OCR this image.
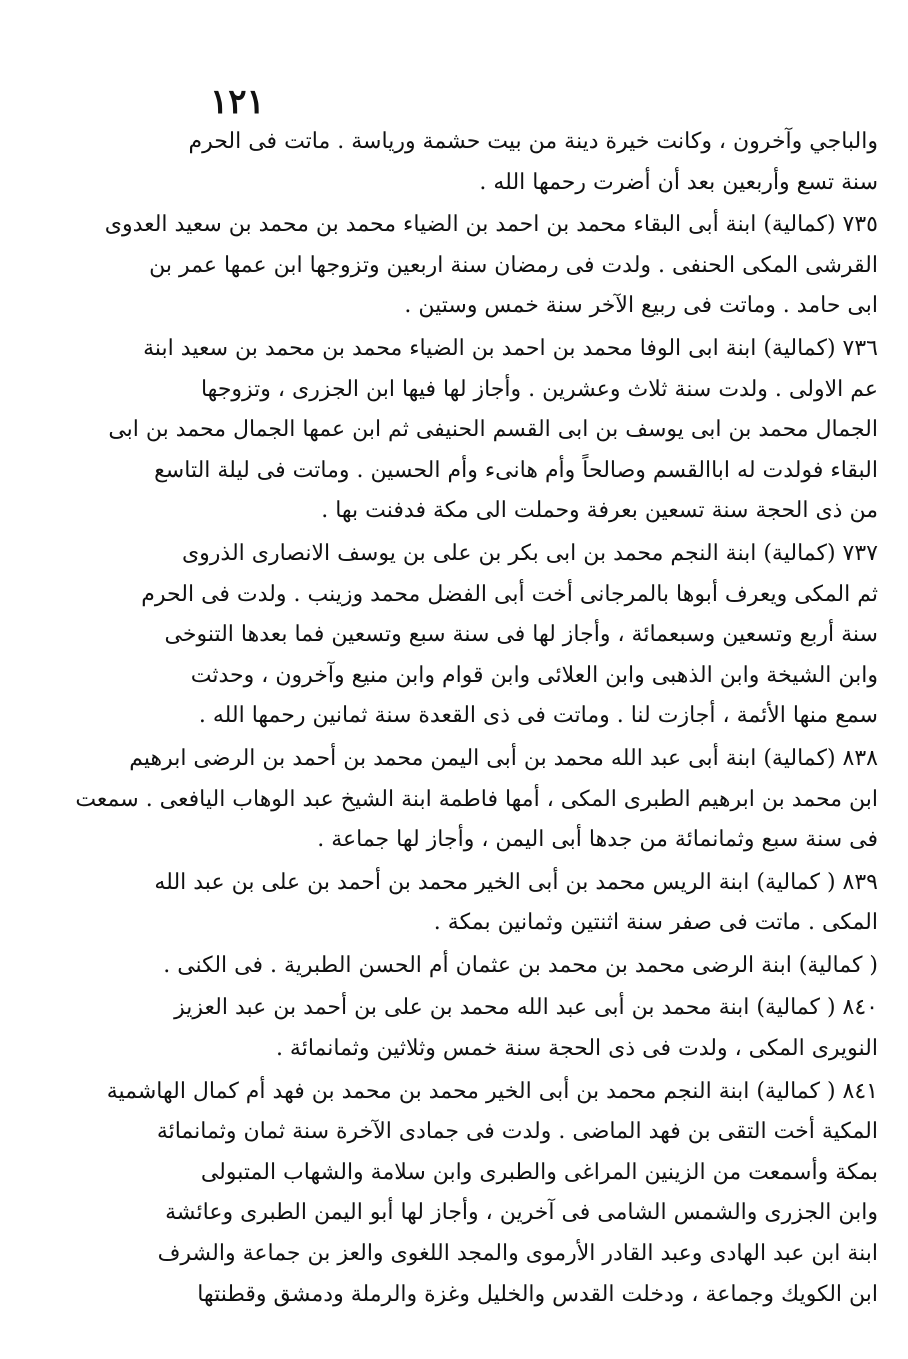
١٢١

والباجي وآخرون ، وكانت خيرة دينة من بيت حشمة ورياسة . ماتت فى الحرم
سنة تسع وأربعين بعد أن أضرت رحمها الله .

٧٣٥ (كمالية) ابنة أبى البقاء محمد بن احمد بن الضياء محمد بن محمد بن سعيد العدوى
القرشى المكى الحنفى . ولدت فى رمضان سنة اربعين وتزوجها ابن عمها عمر بن
ابى حامد . وماتت فى ربيع الآخر سنة خمس وستين .

٧٣٦ (كمالية) ابنة ابى الوفا محمد بن احمد بن الضياء محمد بن محمد بن سعيد ابنة
عم الاولى . ولدت سنة ثلاث وعشرين . وأجاز لها فيها ابن الجزرى ، وتزوجها
الجمال محمد بن ابى يوسف بن ابى القسم الحنيفى ثم ابن عمها الجمال محمد بن ابى
البقاء فولدت له اباالقسم وصالحاً وأم هانىء وأم الحسين . وماتت فى ليلة التاسع
من ذى الحجة سنة تسعين بعرفة وحملت الى مكة فدفنت بها .

٧٣٧ (كمالية) ابنة النجم محمد بن ابى بكر بن على بن يوسف الانصارى الذروى
ثم المكى ويعرف أبوها بالمرجانى أخت أبى الفضل محمد وزينب . ولدت فى الحرم
سنة أربع وتسعين وسبعمائة ، وأجاز لها فى سنة سبع وتسعين فما بعدها التنوخى
وابن الشيخة وابن الذهبى وابن العلائى وابن قوام وابن منيع وآخرون ، وحدثت
سمع منها الأئمة ، أجازت لنا . وماتت فى ذى القعدة سنة ثمانين رحمها الله .

٨٣٨ (كمالية) ابنة أبى عبد الله محمد بن أبى اليمن محمد بن أحمد بن الرضى ابرهيم
ابن محمد بن ابرهيم الطبرى المكى ، أمها فاطمة ابنة الشيخ عبد الوهاب اليافعى . سمعت
فى سنة سبع وثمانمائة من جدها أبى اليمن ، وأجاز لها جماعة .

٨٣٩ ( كمالية) ابنة الريس محمد بن أبى الخير محمد بن أحمد بن على بن عبد الله
المكى . ماتت فى صفر سنة اثنتين وثمانين بمكة .

( كمالية) ابنة الرضى محمد بن محمد بن عثمان أم الحسن الطبرية . فى الكنى .

٨٤٠ ( كمالية) ابنة محمد بن أبى عبد الله محمد بن على بن أحمد بن عبد العزيز
النويرى المكى ، ولدت فى ذى الحجة سنة خمس وثلاثين وثمانمائة .

٨٤١ ( كمالية) ابنة النجم محمد بن أبى الخير محمد بن محمد بن فهد أم كمال الهاشمية
المكية أخت التقى بن فهد الماضى . ولدت فى جمادى الآخرة سنة ثمان وثمانمائة
بمكة وأسمعت من الزينين المراغى والطبرى وابن سلامة والشهاب المتبولى
وابن الجزرى والشمس الشامى فى آخرين ، وأجاز لها أبو اليمن الطبرى وعائشة
ابنة ابن عبد الهادى وعبد القادر الأرموى والمجد اللغوى والعز بن جماعة والشرف
ابن الكويك وجماعة ، ودخلت القدس والخليل وغزة والرملة ودمشق وقطنتها
